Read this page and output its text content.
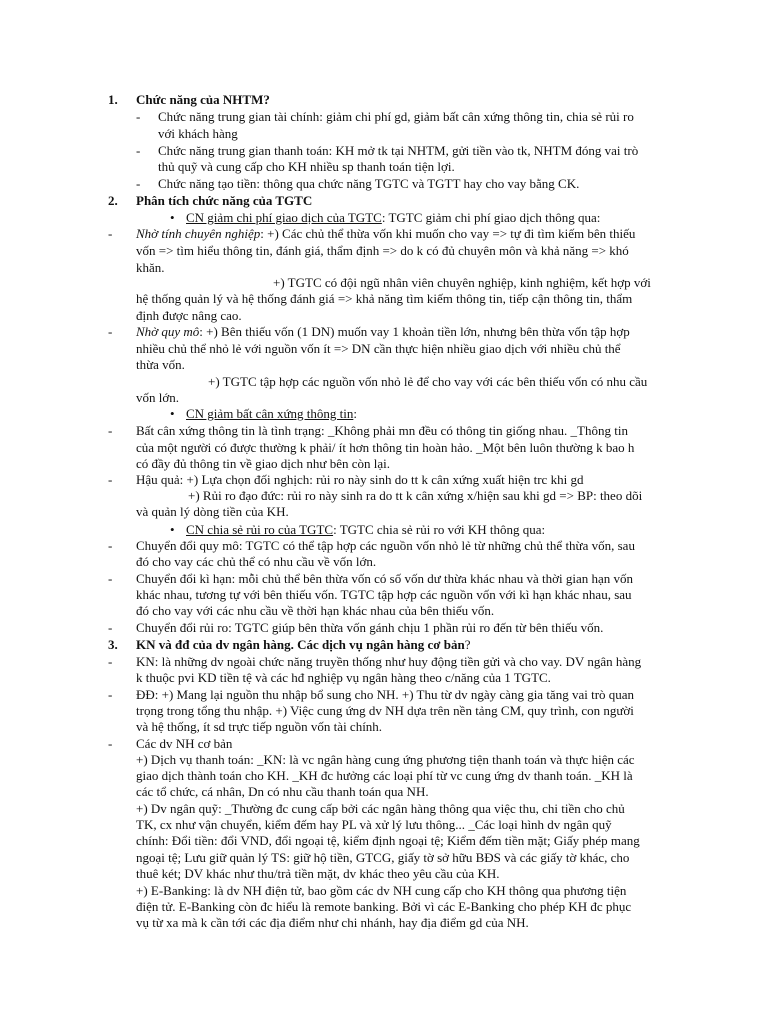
1. Chức năng của NHTM?
- Chức năng trung gian tài chính: giảm chi phí gd, giảm bất cân xứng thông tin, chia sẻ rủi ro
với khách hàng
- Chức năng trung gian thanh toán: KH mở tk tại NHTM, gửi tiền vào tk, NHTM đóng vai trò
thủ quỹ và cung cấp cho KH nhiều sp thanh toán tiện lợi.
- Chức năng tạo tiền: thông qua chức năng TGTC và TGTT hay cho vay bằng CK.
2. Phân tích chức năng của TGTC
• CN giảm chi phí giao dịch của TGTC: TGTC giảm chi phí giao dịch thông qua:
- Nhờ tính chuyên nghiệp: +) Các chủ thể thừa vốn khi muốn cho vay => tự đi tìm kiếm bên thiếu
vốn => tìm hiểu thông tin, đánh giá, thẩm định => do k có đủ chuyên môn và khả năng => khó
khăn.
+) TGTC có đội ngũ nhân viên chuyên nghiệp, kinh nghiệm, kết hợp với
hệ thống quản lý và hệ thống đánh giá => khả năng tìm kiếm thông tin, tiếp cận thông tin, thẩm
định được nâng cao.
- Nhờ quy mô: +) Bên thiếu vốn (1 DN) muốn vay 1 khoản tiền lớn, nhưng bên thừa vốn tập hợp
nhiều chủ thể nhỏ lẻ với nguồn vốn ít => DN cần thực hiện nhiều giao dịch với nhiều chủ thể
thừa vốn.
+) TGTC tập hợp các nguồn vốn nhỏ lẻ để cho vay với các bên thiếu vốn có nhu cầu
vốn lớn.
• CN giảm bất cân xứng thông tin:
- Bất cân xứng thông tin là tình trạng: _Không phải mn đều có thông tin giống nhau. _Thông tin
của một người có được thường k phải/ ít hơn thông tin hoàn hảo. _Một bên luôn thường k bao h
có đầy đủ thông tin về giao dịch như bên còn lại.
- Hậu quả: +) Lựa chọn đối nghịch: rủi ro này sinh do tt k cân xứng xuất hiện trc khi gd
+) Rủi ro đạo đức: rủi ro này sinh ra do tt k cân xứng x/hiện sau khi gd => BP: theo dõi
và quản lý dòng tiền của KH.
• CN chia sẻ rủi ro của TGTC: TGTC chia sẻ rủi ro với KH thông qua:
- Chuyển đổi quy mô: TGTC có thể tập hợp các nguồn vốn nhỏ lẻ từ những chủ thể thừa vốn, sau
đó cho vay các chủ thể có nhu cầu về vốn lớn.
- Chuyển đổi kì hạn: mỗi chủ thể bên thừa vốn có số vốn dư thừa khác nhau và thời gian hạn vốn
khác nhau, tương tự với bên thiếu vốn. TGTC tập hợp các nguồn vốn với kì hạn khác nhau, sau
đó cho vay với các nhu cầu về thời hạn khác nhau của bên thiếu vốn.
- Chuyển đổi rủi ro: TGTC giúp bên thừa vốn gánh chịu 1 phần rủi ro đến từ bên thiếu vốn.
3. KN và đđ của dv ngân hàng. Các dịch vụ ngân hàng cơ bản?
- KN: là những dv ngoài chức năng truyền thống như huy động tiền gửi và cho vay. DV ngân hàng
k thuộc pvi KD tiền tệ và các hđ nghiệp vụ ngân hàng theo c/năng của 1 TGTC.
- ĐĐ: +) Mang lại nguồn thu nhập bổ sung cho NH. +) Thu từ dv ngày càng gia tăng vai trò quan
trọng trong tổng thu nhập. +) Việc cung ứng dv NH dựa trên nền tảng CM, quy trình, con người
và hệ thống, ít sd trực tiếp nguồn vốn tài chính.
- Các dv NH cơ bản
+) Dịch vụ thanh toán: _KN: là vc ngân hàng cung ứng phương tiện thanh toán và thực hiện các
giao dịch thành toán cho KH. _KH đc hưởng các loại phí từ vc cung ứng dv thanh toán. _KH là
các tổ chức, cá nhân, Dn có nhu cầu thanh toán qua NH.
+) Dv ngân quỹ: _Thường đc cung cấp bởi các ngân hàng thông qua việc thu, chi tiền cho chủ
TK, cx như vận chuyển, kiểm đếm hay PL và xử lý lưu thông... _Các loại hình dv ngân quỹ
chính: Đổi tiền: đổi VND, đổi ngoại tệ, kiểm định ngoại tệ; Kiểm đếm tiền mặt; Giấy phép mang
ngoại tệ; Lưu giữ quản lý TS: giữ hộ tiền, GTCG, giấy tờ sở hữu BĐS và các giấy tờ khác, cho
thuê két; DV khác như thu/trả tiền mặt, dv khác theo yêu cầu của KH.
+) E-Banking: là dv NH điện tử, bao gồm các dv NH cung cấp cho KH thông qua phương tiện
điện tử. E-Banking còn đc hiểu là remote banking. Bởi vì các E-Banking cho phép KH đc phục
vụ từ xa mà k cần tới các địa điểm như chi nhánh, hay địa điểm gd của NH.
